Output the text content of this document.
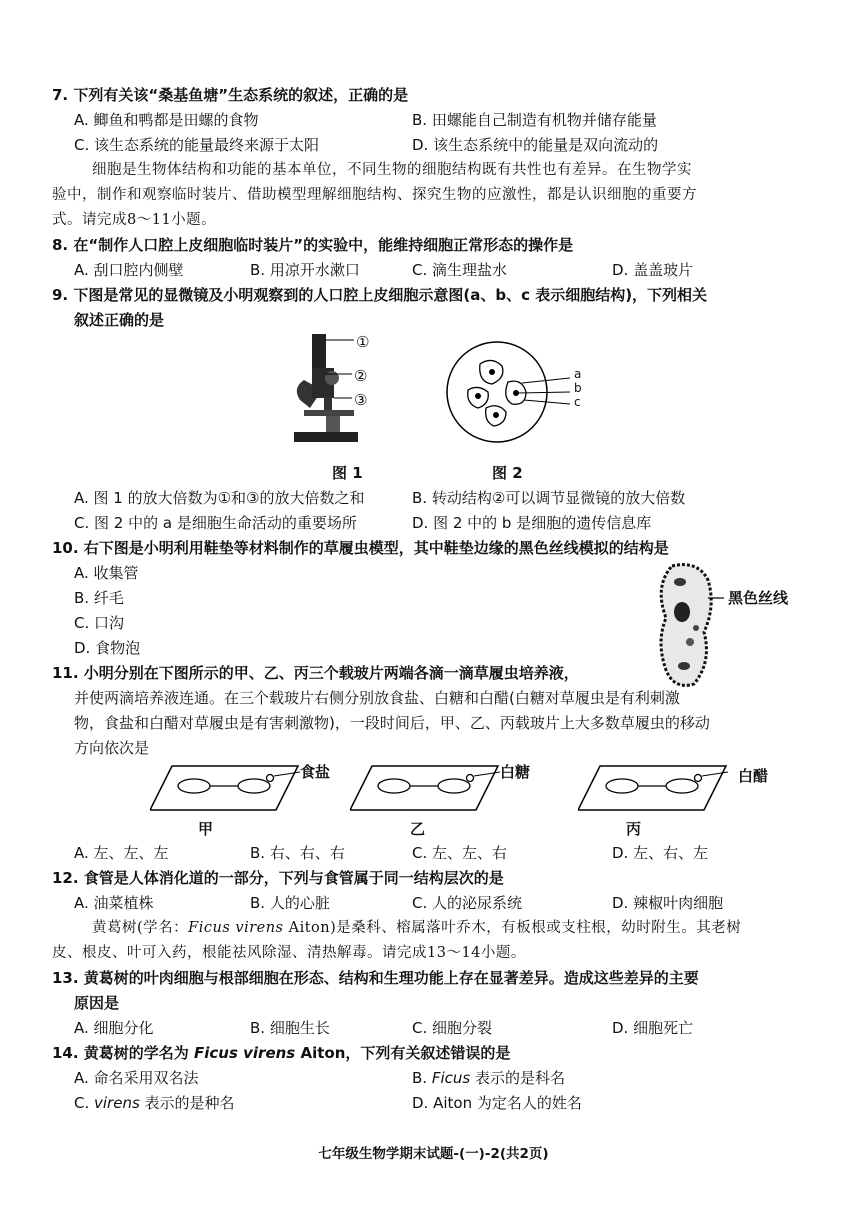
7. 下列有关该“桑基鱼塘”生态系统的叙述，正确的是
A. 鲫鱼和鸭都是田螺的食物	B. 田螺能自己制造有机物并储存能量
C. 该生态系统的能量最终来源于太阳	D. 该生态系统中的能量是双向流动的
细胞是生物体结构和功能的基本单位，不同生物的细胞结构既有共性也有差异。在生物学实
验中，制作和观察临时装片、借助模型理解细胞结构、探究生物的应激性，都是认识细胞的重要方
式。请完成8～11小题。
8. 在“制作人口腔上皮细胞临时装片”的实验中，能维持细胞正常形态的操作是
A. 刮口腔内侧壁	B. 用凉开水漱口	C. 滴生理盐水	D. 盖盖玻片
9. 下图是常见的显微镜及小明观察到的人口腔上皮细胞示意图(a、b、c 表示细胞结构)，下列相关
叙述正确的是
①
②
③
a
b
c
图 1	图 2
A. 图 1 的放大倍数为①和③的放大倍数之和	B. 转动结构②可以调节显微镜的放大倍数
C. 图 2 中的 a 是细胞生命活动的重要场所	D. 图 2 中的 b 是细胞的遗传信息库
10. 右下图是小明利用鞋垫等材料制作的草履虫模型，其中鞋垫边缘的黑色丝线模拟的结构是
A. 收集管
B. 纤毛
C. 口沟
D. 食物泡
黑色丝线
11. 小明分别在下图所示的甲、乙、丙三个载玻片两端各滴一滴草履虫培养液，
并使两滴培养液连通。在三个载玻片右侧分别放食盐、白糖和白醋(白糖对草履虫是有利刺激
物，食盐和白醋对草履虫是有害刺激物)，一段时间后，甲、乙、丙载玻片上大多数草履虫的移动
方向依次是
食盐
甲
白糖
乙
白醋
丙
A. 左、左、左	B. 右、右、右	C. 左、左、右	D. 左、右、左
12. 食管是人体消化道的一部分，下列与食管属于同一结构层次的是
A. 油菜植株	B. 人的心脏	C. 人的泌尿系统	D. 辣椒叶肉细胞
黄葛树(学名：Ficus virens Aiton)是桑科、榕属落叶乔木，有板根或支柱根，幼时附生。其老树
皮、根皮、叶可入药，根能祛风除湿、清热解毒。请完成13～14小题。
13. 黄葛树的叶肉细胞与根部细胞在形态、结构和生理功能上存在显著差异。造成这些差异的主要
原因是
A. 细胞分化	B. 细胞生长	C. 细胞分裂	D. 细胞死亡
14. 黄葛树的学名为 Ficus virens Aiton，下列有关叙述错误的是
A. 命名采用双名法	B. Ficus 表示的是科名
C. virens 表示的是种名	D. Aiton 为定名人的姓名
七年级生物学期末试题-(一)-2(共2页)
